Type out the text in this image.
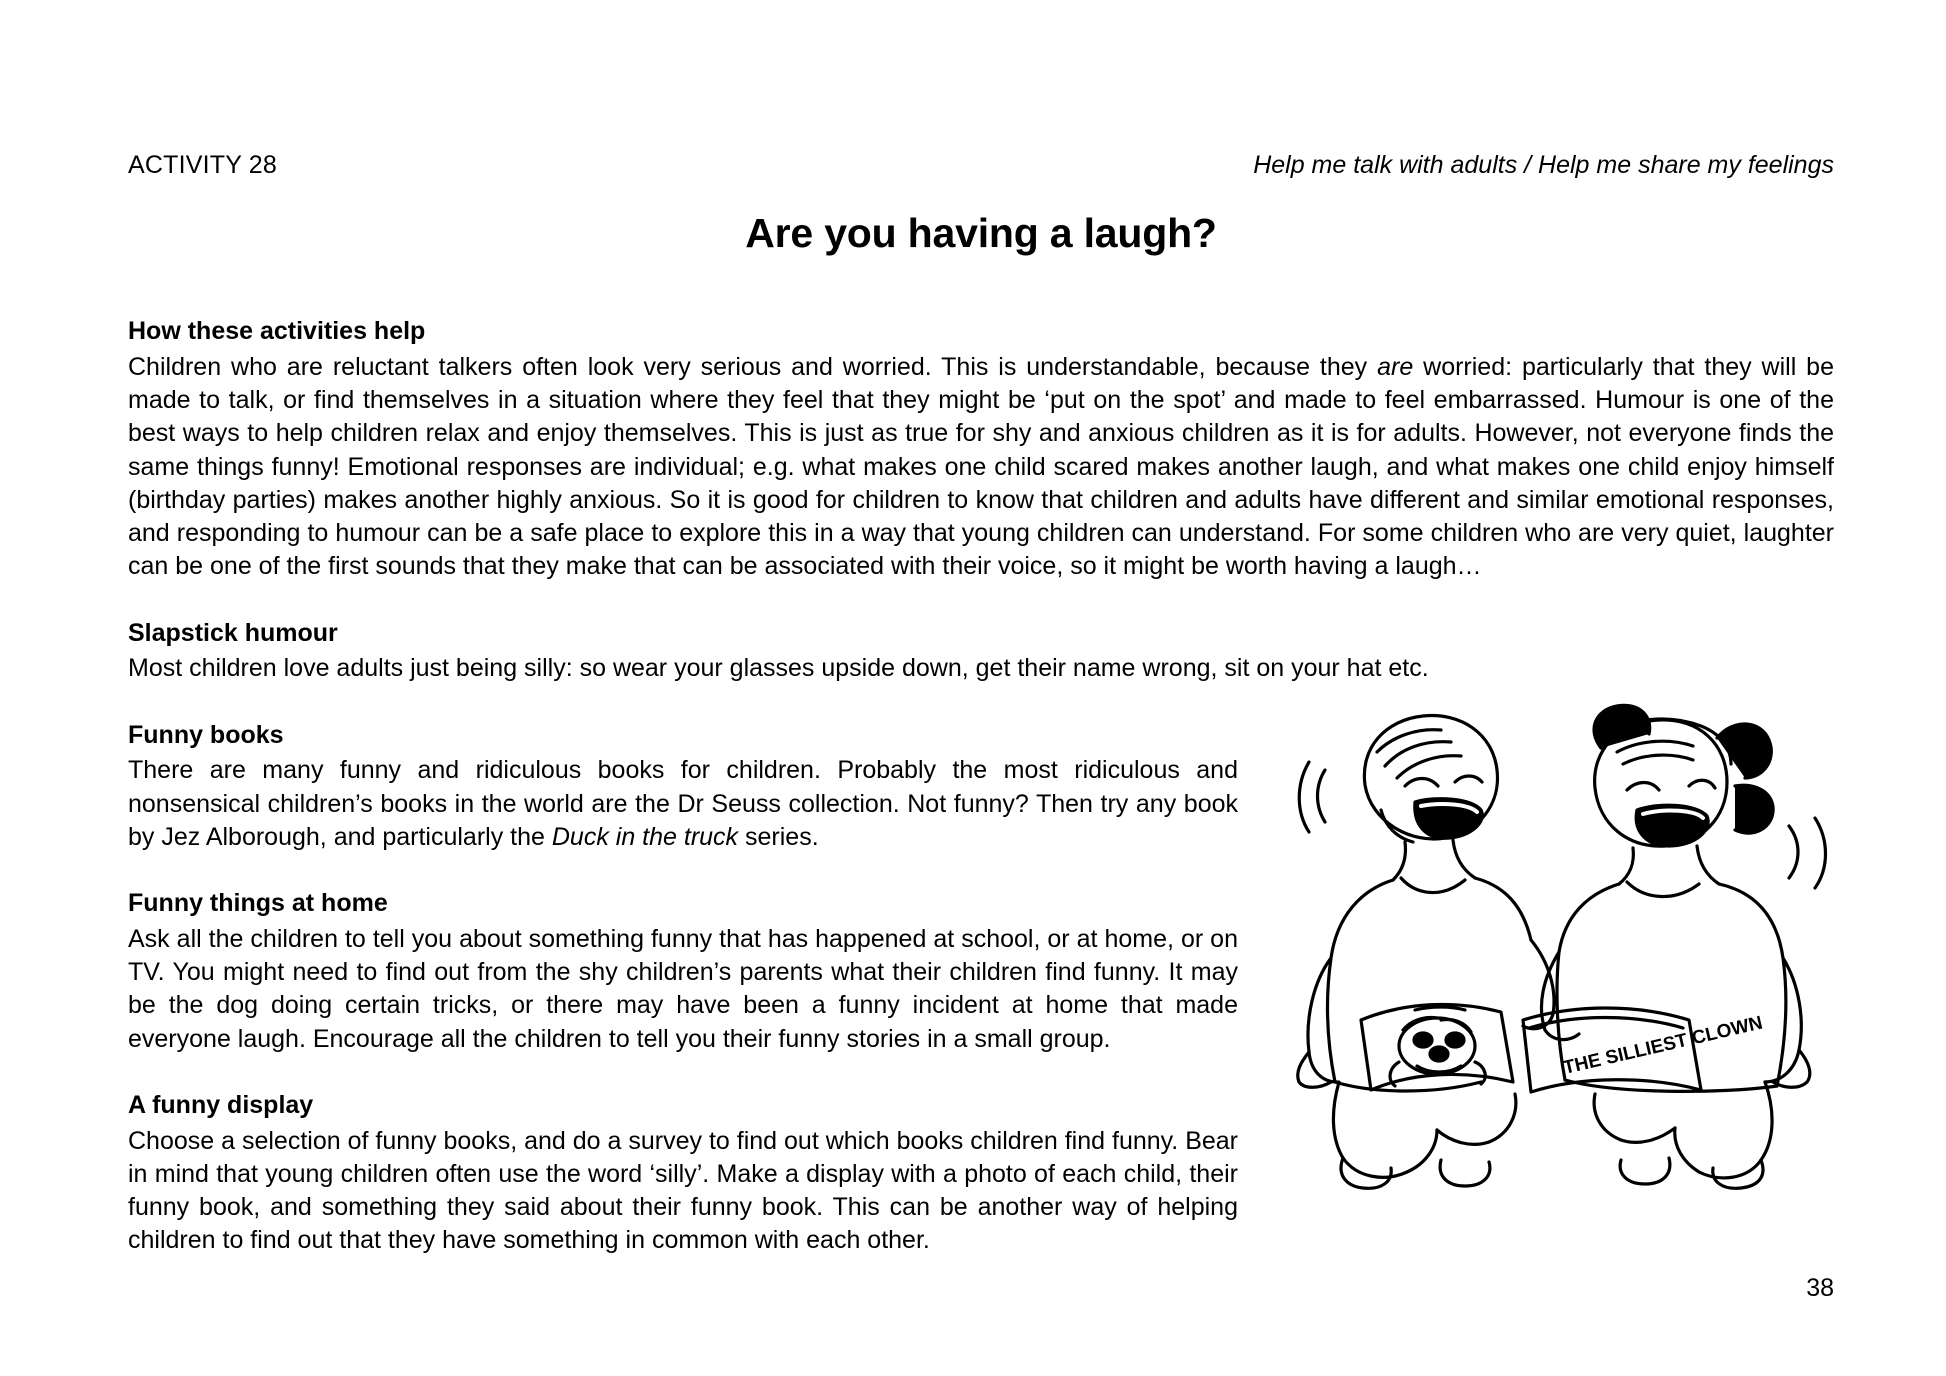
ACTIVITY 28	Help me talk with adults / Help me share my feelings
Are you having a laugh?
How these activities help

Children who are reluctant talkers often look very serious and worried. This is understandable, because they are worried: particularly that they will be made to talk, or find themselves in a situation where they feel that they might be ‘put on the spot’ and made to feel embarrassed. Humour is one of the best ways to help children relax and enjoy themselves. This is just as true for shy and anxious children as it is for adults. However, not everyone finds the same things funny! Emotional responses are individual; e.g. what makes one child scared makes another laugh, and what makes one child enjoy himself (birthday parties) makes another highly anxious. So it is good for children to know that children and adults have different and similar emotional responses, and responding to humour can be a safe place to explore this in a way that young children can understand. For some children who are very quiet, laughter can be one of the first sounds that they make that can be associated with their voice, so it might be worth having a laugh…

Slapstick humour

Most children love adults just being silly: so wear your glasses upside down, get their name wrong, sit on your hat etc.

Funny books

There are many funny and ridiculous books for children. Probably the most ridiculous and nonsensical children’s books in the world are the Dr Seuss collection. Not funny? Then try any book by Jez Alborough, and particularly the Duck in the truck series.

Funny things at home

Ask all the children to tell you about something funny that has happened at school, or at home, or on TV. You might need to find out from the shy children’s parents what their children find funny. It may be the dog doing certain tricks, or there may have been a funny incident at home that made everyone laugh. Encourage all the children to tell you their funny stories in a small group.

A funny display

Choose a selection of funny books, and do a survey to find out which books children find funny. Bear in mind that young children often use the word ‘silly’. Make a display with a photo of each child, their funny book, and something they said about their funny book. This can be another way of helping children to find out that they have something in common with each other.

THE SILLIEST CLOWN
38
